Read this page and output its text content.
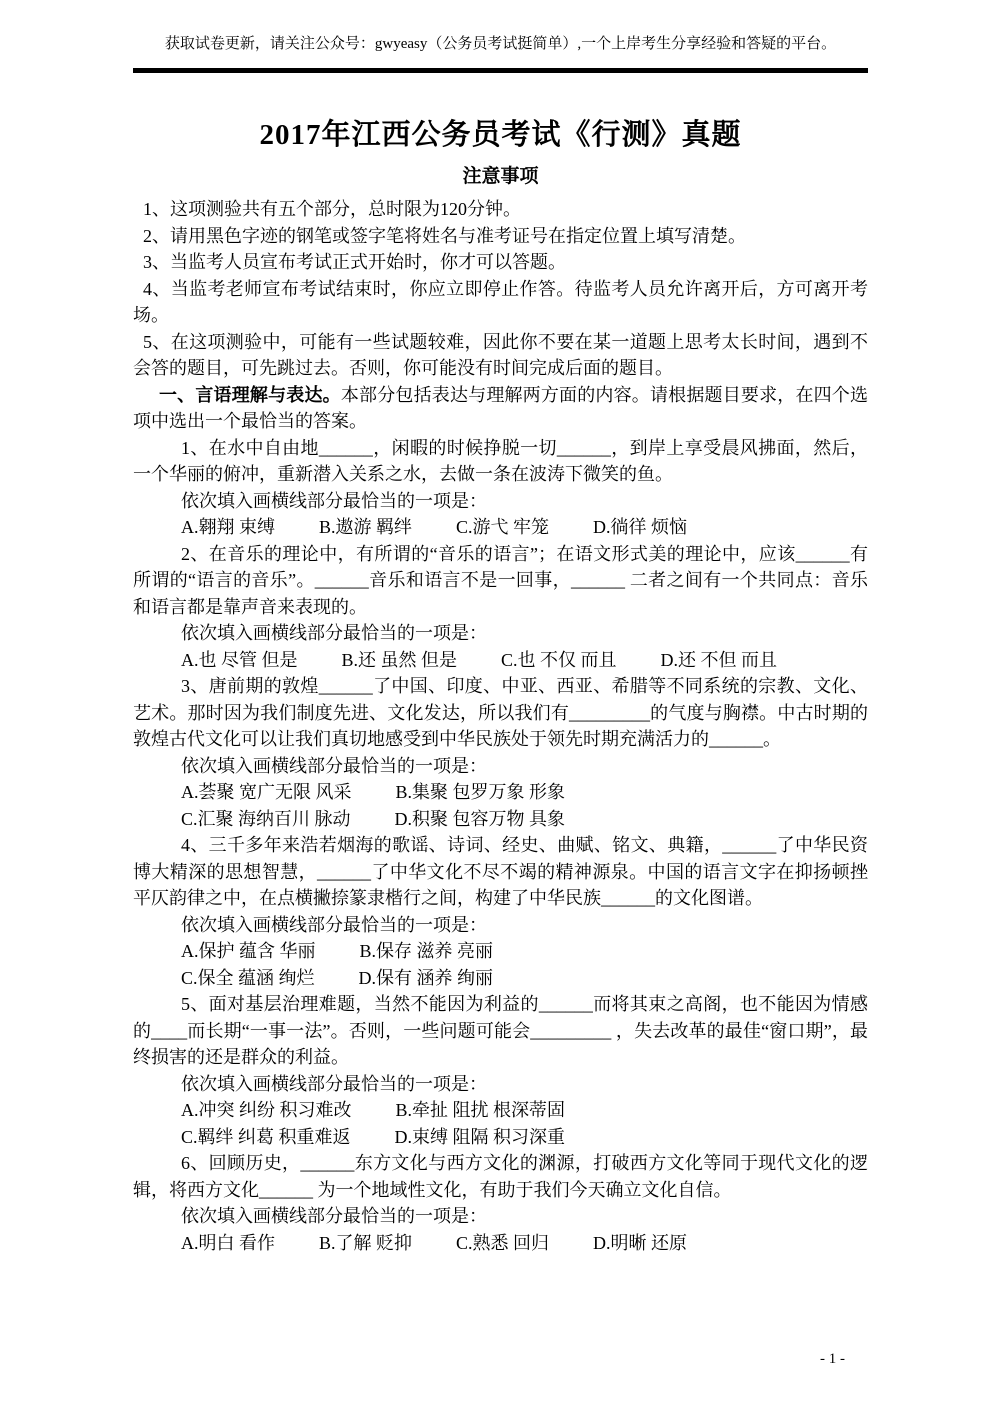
获取试卷更新，请关注公众号：gwyeasy（公务员考试挺简单）,一个上岸考生分享经验和答疑的平台。
2017年江西公务员考试《行测》真题
注意事项

1、这项测验共有五个部分，总时限为120分钟。

2、请用黑色字迹的钢笔或签字笔将姓名与准考证号在指定位置上填写清楚。

3、当监考人员宣布考试正式开始时，你才可以答题。

4、当监考老师宣布考试结束时，你应立即停止作答。待监考人员允许离开后，方可离开考场。

5、在这项测验中，可能有一些试题较难，因此你不要在某一道题上思考太长时间，遇到不会答的题目，可先跳过去。否则，你可能没有时间完成后面的题目。

一、言语理解与表达。本部分包括表达与理解两方面的内容。请根据题目要求，在四个选项中选出一个最恰当的答案。

1、在水中自由地______，闲暇的时候挣脱一切______，到岸上享受晨风拂面，然后，一个华丽的俯冲，重新潜入关系之水，去做一条在波涛下微笑的鱼。

依次填入画横线部分最恰当的一项是：

A.翱翔 束缚 B.遨游 羁绊 C.游弋 牢笼 D.徜徉 烦恼

2、在音乐的理论中，有所谓的“音乐的语言”；在语文形式美的理论中，应该______有所谓的“语言的音乐”。______音乐和语言不是一回事，______ 二者之间有一个共同点：音乐和语言都是靠声音来表现的。

依次填入画横线部分最恰当的一项是：

A.也 尽管 但是 B.还 虽然 但是 C.也 不仅 而且 D.还 不但 而且

3、唐前期的敦煌______了中国、印度、中亚、西亚、希腊等不同系统的宗教、文化、艺术。那时因为我们制度先进、文化发达，所以我们有_________的气度与胸襟。中古时期的敦煌古代文化可以让我们真切地感受到中华民族处于领先时期充满活力的______。

依次填入画横线部分最恰当的一项是：

A.荟聚 宽广无限 风采 B.集聚 包罗万象 形象

C.汇聚 海纳百川 脉动 D.积聚 包容万物 具象

4、三千多年来浩若烟海的歌谣、诗词、经史、曲赋、铭文、典籍，______了中华民资博大精深的思想智慧，______了中华文化不尽不竭的精神源泉。中国的语言文字在抑扬顿挫平仄韵律之中，在点横撇捺篆隶楷行之间，构建了中华民族______的文化图谱。

依次填入画横线部分最恰当的一项是：

A.保护 蕴含 华丽 B.保存 滋养 亮丽

C.保全 蕴涵 绚烂 D.保有 涵养 绚丽

5、面对基层治理难题，当然不能因为利益的______而将其束之高阁，也不能因为情感的____而长期“一事一法”。否则，一些问题可能会_________ ，失去改革的最佳“窗口期”，最终损害的还是群众的利益。

依次填入画横线部分最恰当的一项是：

A.冲突 纠纷 积习难改 B.牵扯 阻扰 根深蒂固

C.羁绊 纠葛 积重难返 D.束缚 阻隔 积习深重

6、回顾历史，______东方文化与西方文化的渊源，打破西方文化等同于现代文化的逻辑，将西方文化______ 为一个地域性文化，有助于我们今天确立文化自信。

依次填入画横线部分最恰当的一项是：

A.明白 看作 B.了解 贬抑 C.熟悉 回归 D.明晰 还原

- 1 -
